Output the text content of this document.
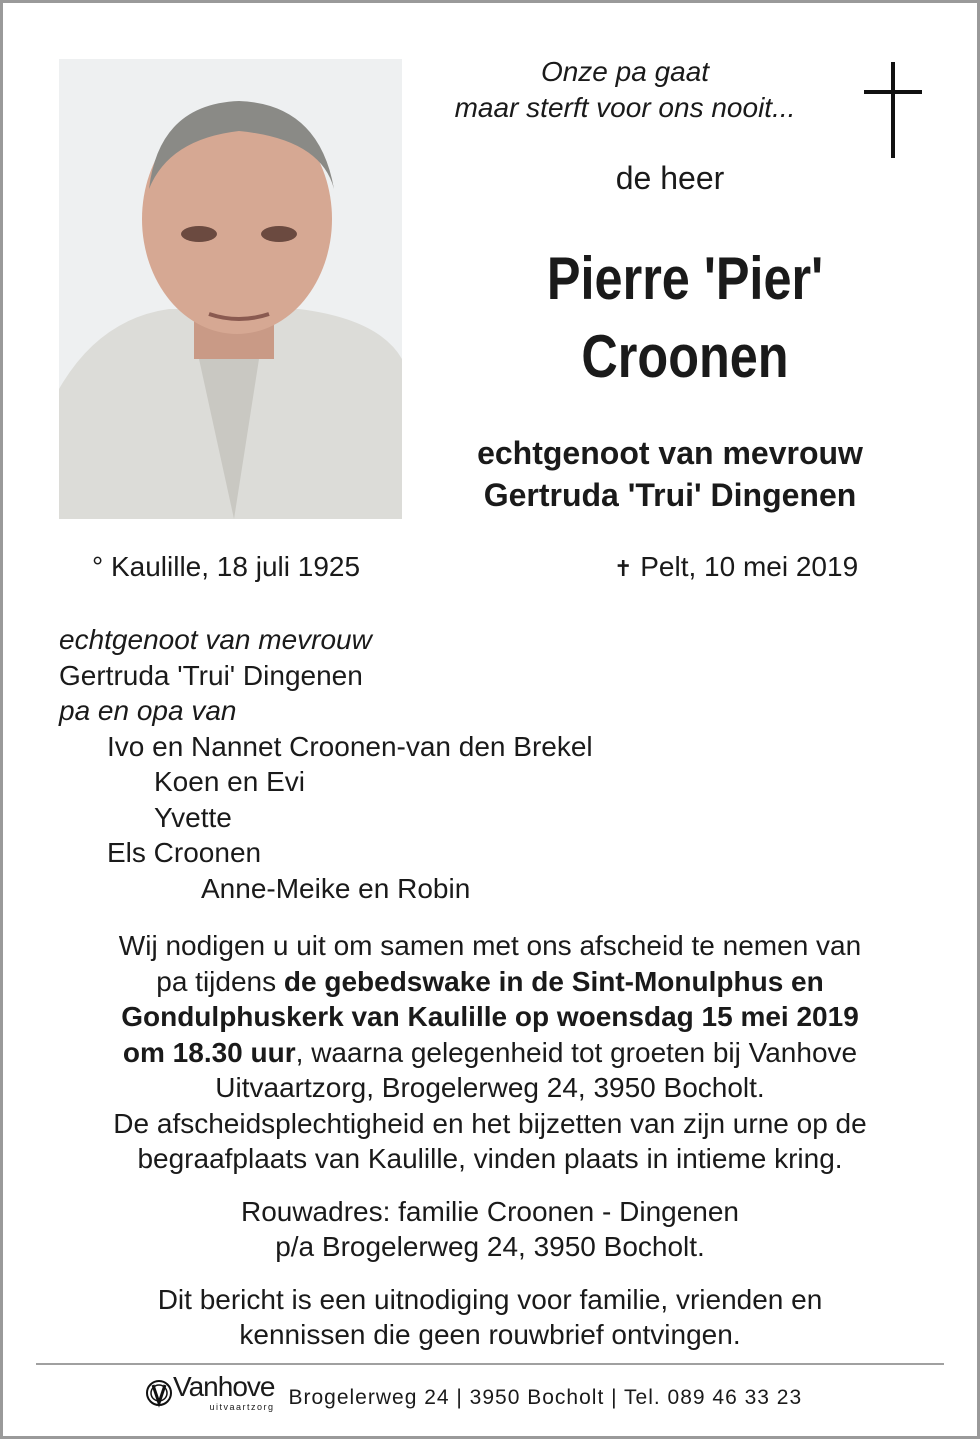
Onze pa gaat
maar sterft voor ons nooit...
de heer
Pierre 'Pier'
Croonen
echtgenoot van mevrouw
Gertruda 'Trui' Dingenen
° Kaulille, 18 juli 1925	✝ Pelt, 10 mei 2019
echtgenoot van mevrouw
Gertruda 'Trui' Dingenen
pa en opa van
Ivo en Nannet Croonen-van den Brekel
Koen en Evi
Yvette
Els Croonen
Anne-Meike en Robin
Wij nodigen u uit om samen met ons afscheid te nemen van
pa tijdens de gebedswake in de Sint-Monulphus en
Gondulphuskerk van Kaulille op woensdag 15 mei 2019
om 18.30 uur, waarna gelegenheid tot groeten bij Vanhove
Uitvaartzorg, Brogelerweg 24, 3950 Bocholt.
De afscheidsplechtigheid en het bijzetten van zijn urne op de
begraafplaats van Kaulille, vinden plaats in intieme kring.
Rouwadres: familie Croonen - Dingenen
p/a Brogelerweg 24, 3950 Bocholt.
Dit bericht is een uitnodiging voor familie, vrienden en
kennissen die geen rouwbrief ontvingen.
Vanhove
uitvaartzorg Brogelerweg 24 | 3950 Bocholt | Tel. 089 46 33 23
